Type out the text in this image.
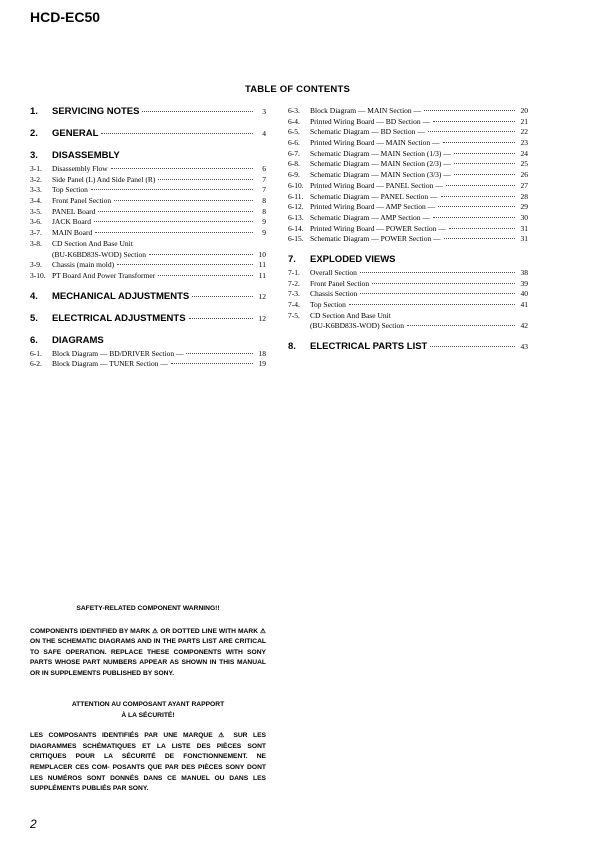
HCD-EC50
TABLE OF CONTENTS
1.	SERVICING NOTES	3
2.	GENERAL	4
3.	DISASSEMBLY
3-1.	Disassembly Flow	6
3-2.	Side Panel (L) And Side Panel (R)	7
3-3.	Top Section	7
3-4.	Front Panel Section	8
3-5.	PANEL Board	8
3-6.	JACK Board	9
3-7.	MAIN Board	9
3-8.	CD Section And Base Unit
(BU-K6BD83S-WOD) Section	10
3-9.	Chassis (main mold)	11
3-10. PT Board And Power Transformer	11
4.	MECHANICAL ADJUSTMENTS	12
5.	ELECTRICAL ADJUSTMENTS	12
6.	DIAGRAMS
6-1.	Block Diagram — BD/DRIVER Section —	18
6-2.	Block Diagram — TUNER Section —	19
6-3.	Block Diagram — MAIN Section —	20
6-4.	Printed Wiring Board — BD Section —	21
6-5.	Schematic Diagram — BD Section —	22
6-6.	Printed Wiring Board — MAIN Section —	23
6-7.	Schematic Diagram — MAIN Section (1/3) —	24
6-8.	Schematic Diagram — MAIN Section (2/3) —	25
6-9.	Schematic Diagram — MAIN Section (3/3) —	26
6-10. Printed Wiring Board — PANEL Section —	27
6-11. Schematic Diagram — PANEL Section —	28
6-12. Printed Wiring Board — AMP Section —	29
6-13. Schematic Diagram — AMP Section —	30
6-14. Printed Wiring Board — POWER Section —	31
6-15. Schematic Diagram — POWER Section —	31
7.	EXPLODED VIEWS
7-1.	Overall Section	38
7-2.	Front Panel Section	39
7-3.	Chassis Section	40
7-4.	Top Section	41
7-5.	CD Section And Base Unit
(BU-K6BD83S-WOD) Section	42
8.	ELECTRICAL PARTS LIST	43
SAFETY-RELATED COMPONENT WARNING!!
COMPONENTS IDENTIFIED BY MARK ⚠ OR DOTTED LINE WITH MARK ⚠ ON THE SCHEMATIC DIAGRAMS AND IN THE PARTS LIST ARE CRITICAL TO SAFE OPERATION. REPLACE THESE COMPONENTS WITH SONY PARTS WHOSE PART NUMBERS APPEAR AS SHOWN IN THIS MANUAL OR IN SUPPLEMENTS PUBLISHED BY SONY.
ATTENTION AU COMPOSANT AYANT RAPPORT
À LA SÉCURITÉ!
LES COMPOSANTS IDENTIFIÉS PAR UNE MARQUE ⚠ SUR LES DIAGRAMMES SCHÉMATIQUES ET LA LISTE DES PIÈCES SONT CRITIQUES POUR LA SÉCURITÉ DE FONCTIONNEMENT. NE REMPLACER CES COM- POSANTS QUE PAR DES PIÈCES SONY DONT LES NUMÉROS SONT DONNÉS DANS CE MANUEL OU DANS LES SUPPLÉMENTS PUBLIÉS PAR SONY.
2
